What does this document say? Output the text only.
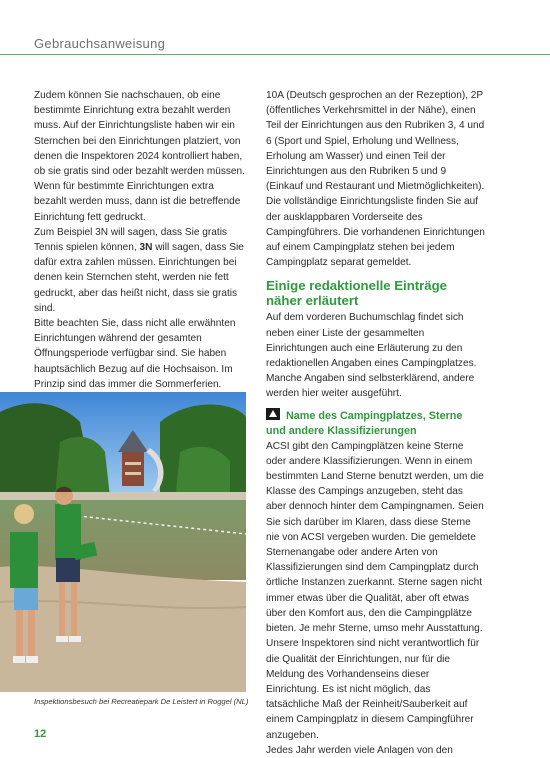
Gebrauchsanweisung

Zudem können Sie nachschauen, ob eine bestimmte Einrichtung extra bezahlt werden muss. Auf der Einrichtungsliste haben wir ein Sternchen bei den Einrichtungen platziert, von denen die Inspektoren 2024 kontrolliert haben, ob sie gratis sind oder bezahlt werden müssen. Wenn für bestimmte Einrichtungen extra bezahlt werden muss, dann ist die betreffende Einrichtung fett gedruckt.

Zum Beispiel 3N will sagen, dass Sie gratis Tennis spielen können, 3N will sagen, dass Sie dafür extra zahlen müssen. Einrichtungen bei denen kein Sternchen steht, werden nie fett gedruckt, aber das heißt nicht, dass sie gratis sind.

Bitte beachten Sie, dass nicht alle erwähnten Einrichtungen während der gesamten Öffnungsperiode verfügbar sind. Sie haben hauptsächlich Bezug auf die Hochsaison. Im Prinzip sind das immer die Sommerferien.

10A (Deutsch gesprochen an der Rezeption), 2P (öffentliches Verkehrsmittel in der Nähe), einen Teil der Einrichtungen aus den Rubriken 3, 4 und 6 (Sport und Spiel, Erholung und Wellness, Erholung am Wasser) und einen Teil der Einrichtungen aus den Rubriken 5 und 9 (Einkauf und Restaurant und Mietmöglichkeiten).

Die vollständige Einrichtungsliste finden Sie auf der ausklappbaren Vorderseite des Campingführers. Die vorhandenen Einrichtungen auf einem Campingplatz stehen bei jedem Campingplatz separat gemeldet.

Einige redaktionelle Einträge näher erläutert

Auf dem vorderen Buchumschlag findet sich neben einer Liste der gesammelten Einrichtungen auch eine Erläuterung zu den redaktionellen Angaben eines Campingplatzes. Manche Angaben sind selbsterklärend, andere werden hier weiter ausgeführt.

Name des Campingplatzes, Sterne und andere Klassifizierungen

ACSI gibt den Campingplätzen keine Sterne oder andere Klassifizierungen. Wenn in einem bestimmten Land Sterne benutzt werden, um die Klasse des Campings anzugeben, steht das aber dennoch hinter dem Campingnamen. Seien Sie sich darüber im Klaren, dass diese Sterne nie von ACSI vergeben wurden. Die gemeldete Sternenangabe oder andere Arten von Klassifizierungen sind dem Campingplatz durch örtliche Instanzen zuerkannt. Sterne sagen nicht immer etwas über die Qualität, aber oft etwas über den Komfort aus, den die Campingplätze bieten. Je mehr Sterne, umso mehr Ausstattung. Unsere Inspektoren sind nicht verantwortlich für die Qualität der Einrichtungen, nur für die Meldung des Vorhandenseins dieser Einrichtung. Es ist nicht möglich, das tatsächliche Maß der Reinheit/Sauberkeit auf einem Campingplatz in diesem Campingführer anzugeben.

Jedes Jahr werden viele Anlagen von den

Inspektionsbesuch bei Recreatiepark De Leistert in Roggel (NL)
12
